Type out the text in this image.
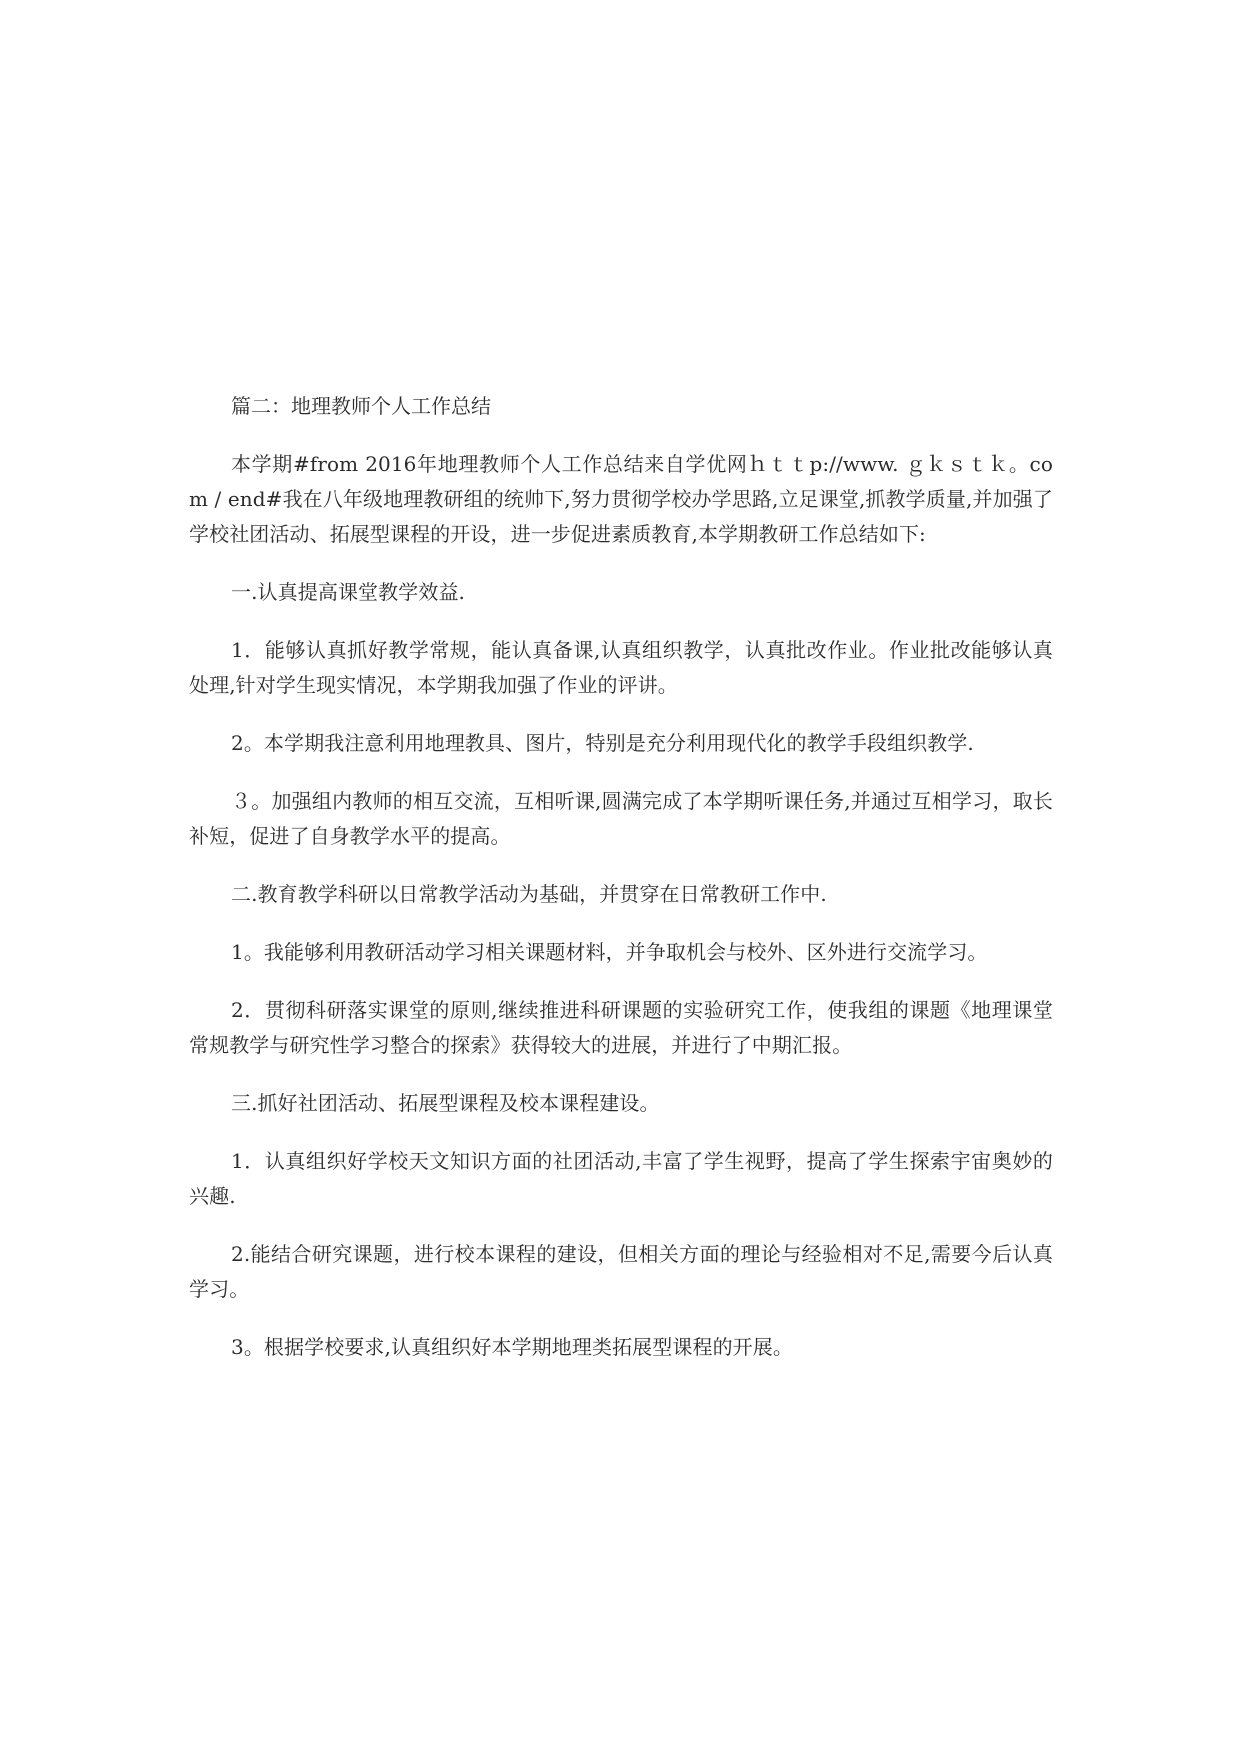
篇二：地理教师个人工作总结

本学期#from 2016年地理教师个人工作总结来自学优网ｈｔｔp://www. ｇｋｓｔｋ。com / end#我在八年级地理教研组的统帅下,努力贯彻学校办学思路,立足课堂,抓教学质量,并加强了学校社团活动、拓展型课程的开设，进一步促进素质教育,本学期教研工作总结如下:

一.认真提高课堂教学效益.

1．能够认真抓好教学常规，能认真备课,认真组织教学，认真批改作业。作业批改能够认真处理,针对学生现实情况，本学期我加强了作业的评讲。

2。本学期我注意利用地理教具、图片，特别是充分利用现代化的教学手段组织教学.

３。加强组内教师的相互交流，互相听课,圆满完成了本学期听课任务,并通过互相学习，取长补短，促进了自身教学水平的提高。

二.教育教学科研以日常教学活动为基础，并贯穿在日常教研工作中.

1。我能够利用教研活动学习相关课题材料，并争取机会与校外、区外进行交流学习。

2．贯彻科研落实课堂的原则,继续推进科研课题的实验研究工作，使我组的课题《地理课堂常规教学与研究性学习整合的探索》获得较大的进展，并进行了中期汇报。

三.抓好社团活动、拓展型课程及校本课程建设。

1．认真组织好学校天文知识方面的社团活动,丰富了学生视野，提高了学生探索宇宙奥妙的兴趣.

2.能结合研究课题，进行校本课程的建设，但相关方面的理论与经验相对不足,需要今后认真学习。

3。根据学校要求,认真组织好本学期地理类拓展型课程的开展。
